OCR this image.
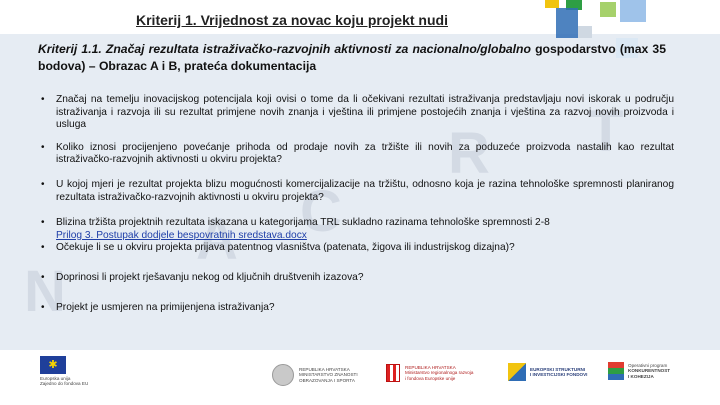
N
A C
R T
Kriterij 1. Vrijednost za novac koju projekt nudi
Kriterij 1.1. Značaj rezultata istraživačko-razvojnih aktivnosti za nacionalno/globalno gospodarstvo (max 35 bodova) – Obrazac A i B, prateća dokumentacija
• Značaj na temelju inovacijskog potencijala koji ovisi o tome da li očekivani rezultati istraživanja predstavljaju novi iskorak u području istraživanja i razvoja ili su rezultat primjene novih znanja i vještina ili primjene postojećih znanja i vještina za razvoj novih proizvoda i usluga
• Koliko iznosi procijenjeno povećanje prihoda od prodaje novih za tržište ili novih za poduzeće proizvoda nastalih kao rezultat istraživačko-razvojnih aktivnosti u okviru projekta?
• U kojoj mjeri je rezultat projekta blizu mogućnosti komercijalizacije na tržištu, odnosno koja je razina tehnološke spremnosti planiranog rezultata istraživačko-razvojnih aktivnosti u okviru projekta?
• Blizina tržišta projektnih rezultata iskazana u kategorijama TRL sukladno razinama tehnološke spremnosti 2-8
Prilog 3. Postupak dodjele bespovratnih sredstava.docx
• Očekuje li se u okviru projekta prijava patentnog vlasništva (patenata, žigova ili industrijskog dizajna)?
• Doprinosi li projekt rješavanju nekog od ključnih društvenih izazova?
• Projekt je usmjeren na primijenjena istraživanja?
✱
Europska unija
Zajedno do fondova EU
REPUBLIKA HRVATSKA
MINISTARSTVO ZNANOSTI
OBRAZOVANJA I SPORTA
REPUBLIKA HRVATSKA
Ministarstvo regionalnoga razvoja
i fondova Europske unije
EUROPSKI STRUKTURNI
I INVESTICIJSKI FONDOVI
Operativni program
KONKURENTNOST
I KOHEZIJA
35
